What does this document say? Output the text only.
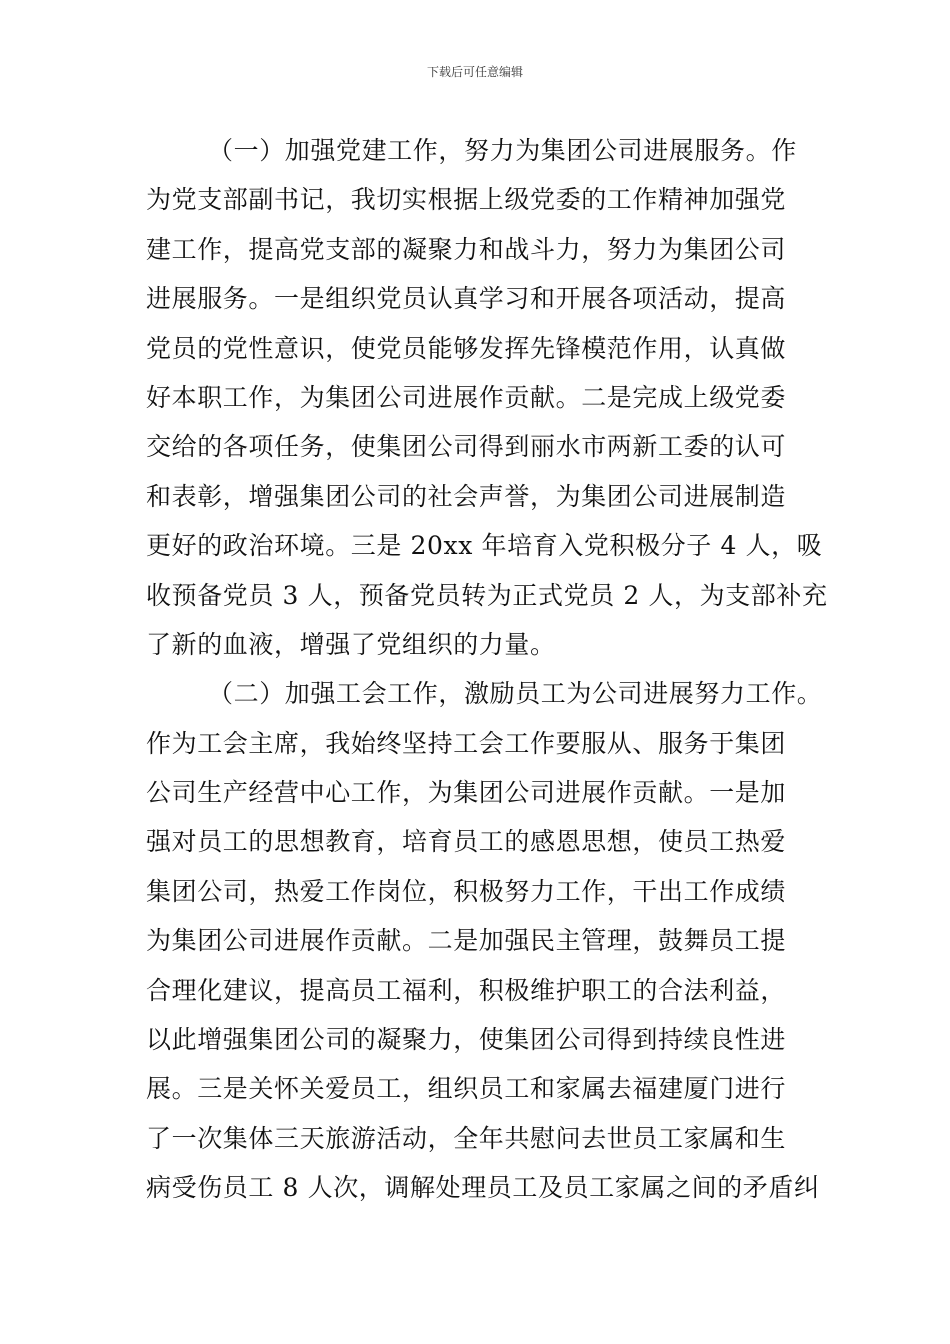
下载后可任意编辑
（一）加强党建工作，努力为集团公司进展服务。作
为党支部副书记，我切实根据上级党委的工作精神加强党
建工作，提高党支部的凝聚力和战斗力，努力为集团公司
进展服务。一是组织党员认真学习和开展各项活动，提高
党员的党性意识，使党员能够发挥先锋模范作用，认真做
好本职工作，为集团公司进展作贡献。二是完成上级党委
交给的各项任务，使集团公司得到丽水市两新工委的认可
和表彰，增强集团公司的社会声誉，为集团公司进展制造
更好的政治环境。三是 20xx 年培育入党积极分子 4 人，吸
收预备党员 3 人，预备党员转为正式党员 2 人，为支部补充
了新的血液，增强了党组织的力量。
（二）加强工会工作，激励员工为公司进展努力工作。
作为工会主席，我始终坚持工会工作要服从、服务于集团
公司生产经营中心工作，为集团公司进展作贡献。一是加
强对员工的思想教育，培育员工的感恩思想，使员工热爱
集团公司，热爱工作岗位，积极努力工作，干出工作成绩
为集团公司进展作贡献。二是加强民主管理，鼓舞员工提
合理化建议，提高员工福利，积极维护职工的合法利益，
以此增强集团公司的凝聚力，使集团公司得到持续良性进
展。三是关怀关爱员工，组织员工和家属去福建厦门进行
了一次集体三天旅游活动，全年共慰问去世员工家属和生
病受伤员工 8 人次，调解处理员工及员工家属之间的矛盾纠
